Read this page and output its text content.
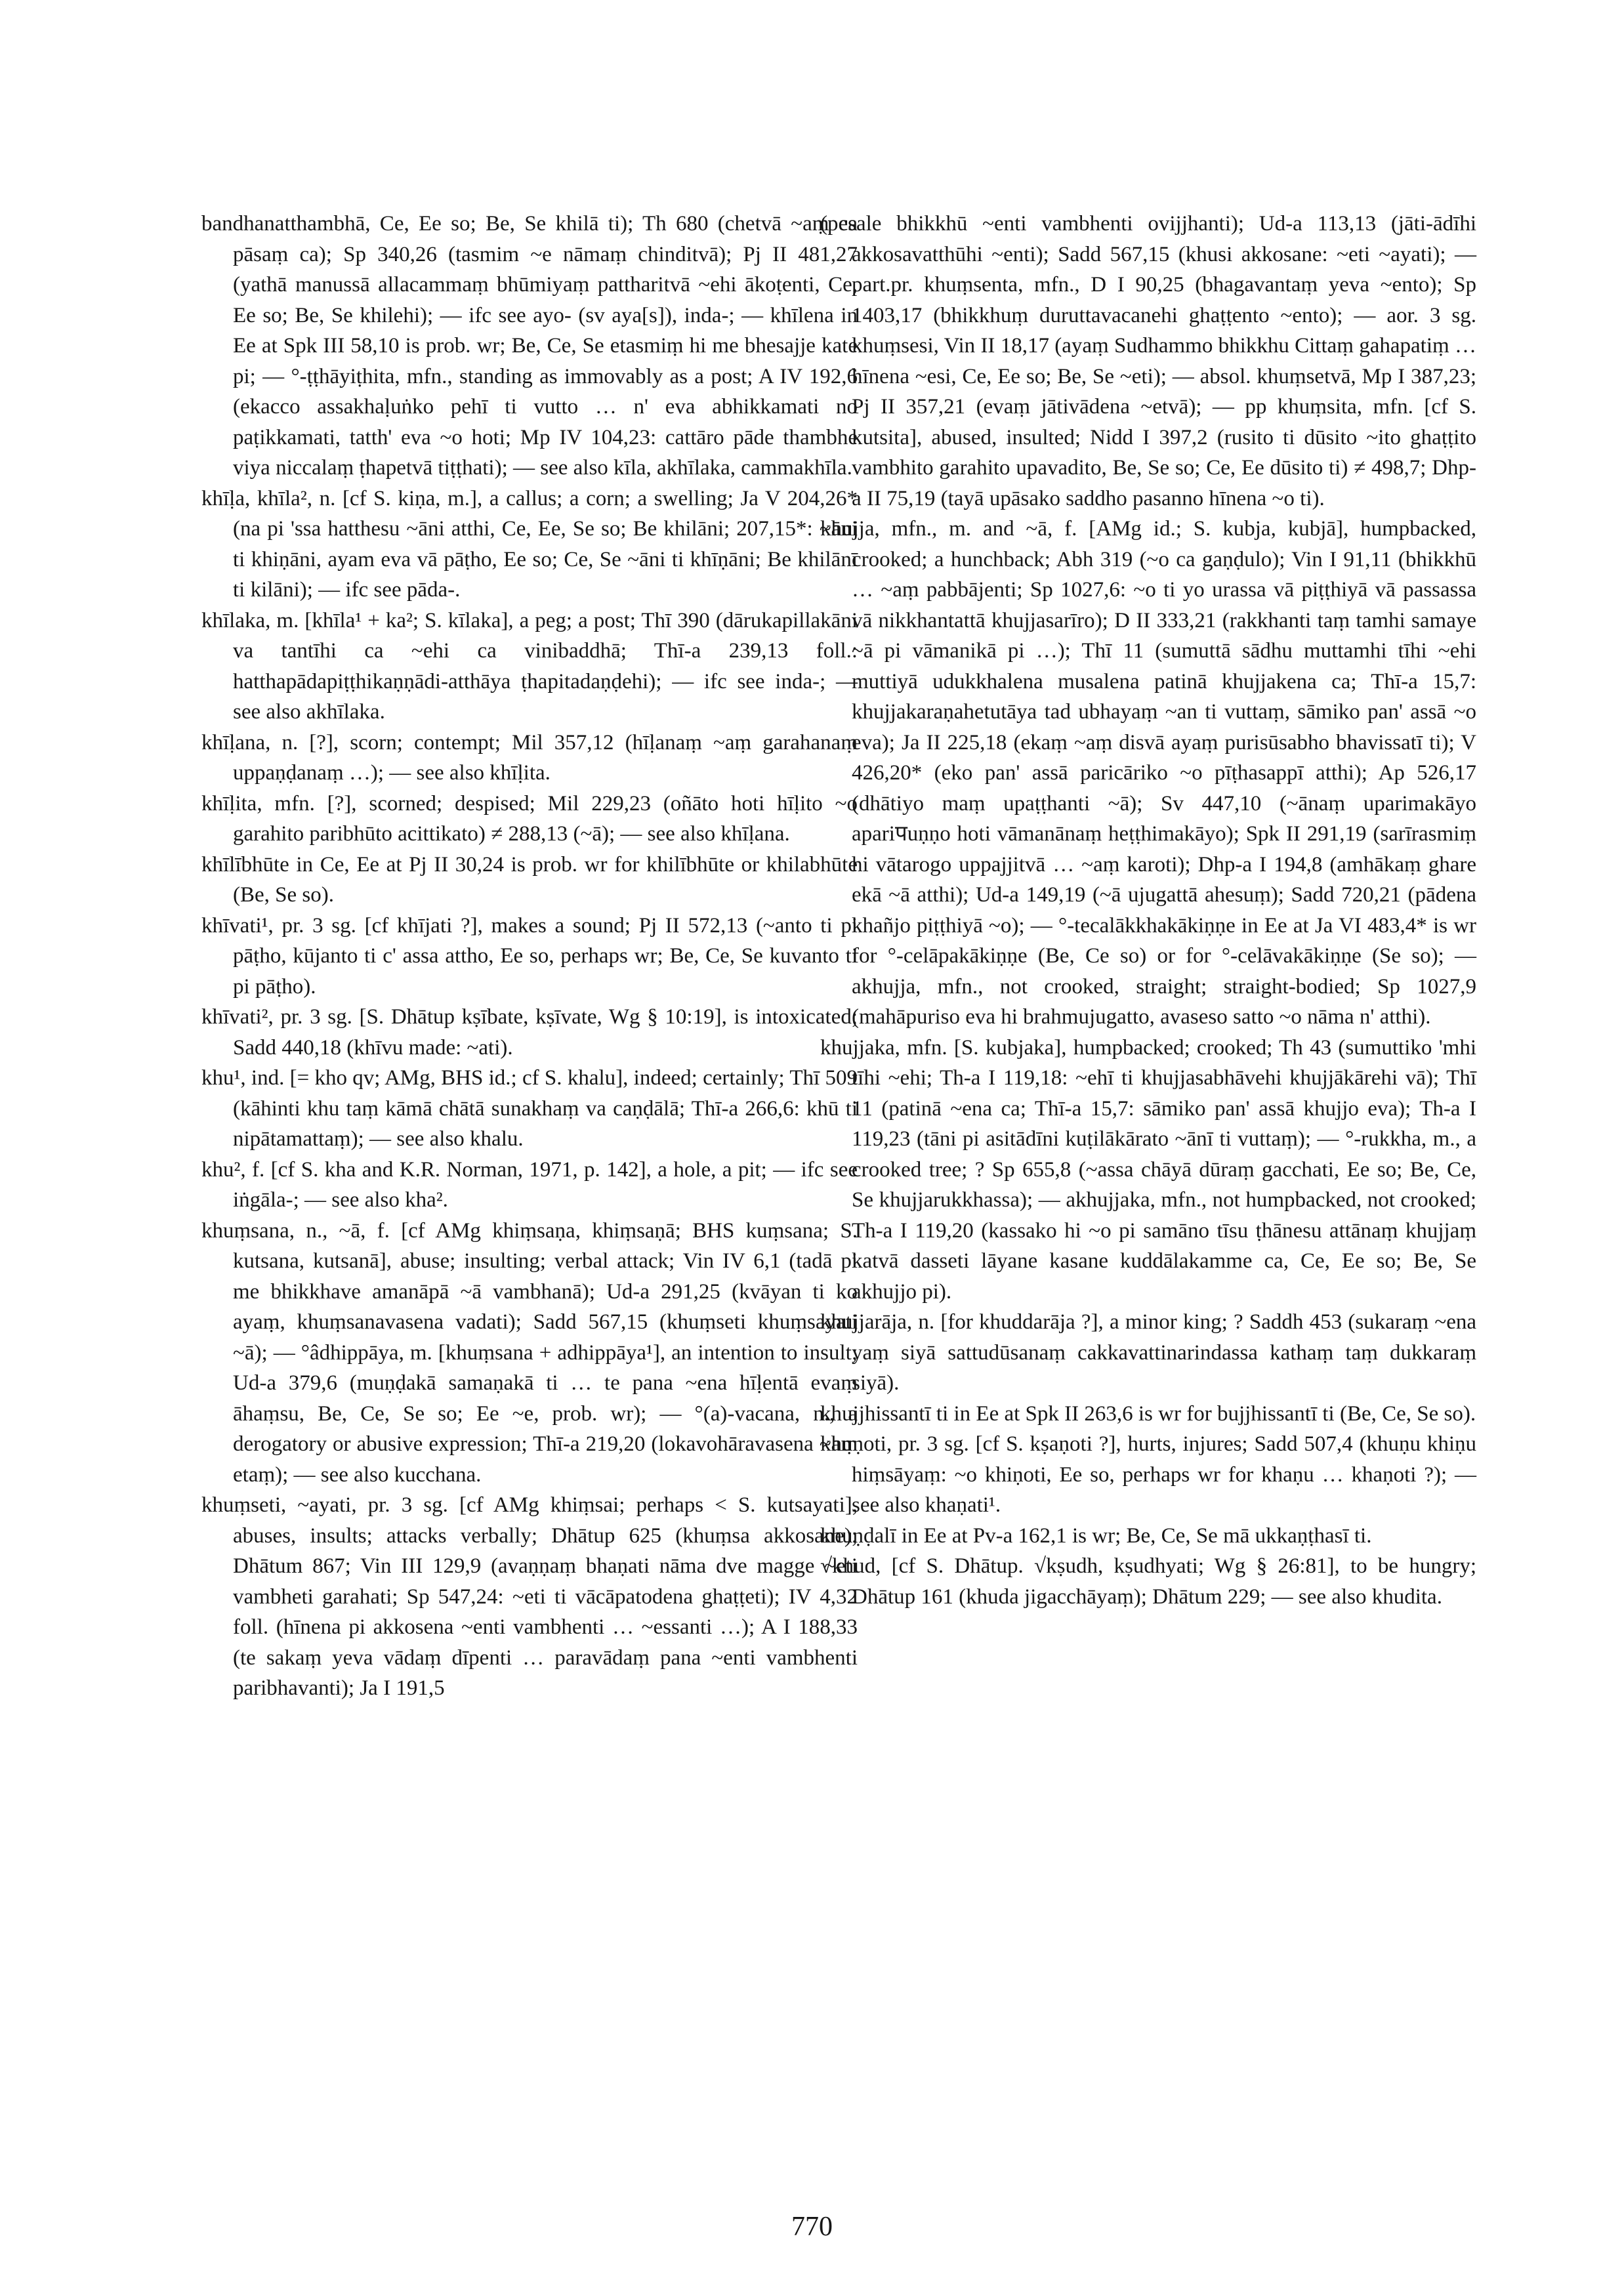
bandhanatthambhā, Ce, Ee so; Be, Se khilā ti); Th 680 (chetvā ~aṃ ca pāsaṃ ca); Sp 340,26 (tasmim ~e nāmaṃ chinditvā); Pj II 481,27 (yathā manussā allacammaṃ bhūmiyaṃ pattharitvā ~ehi ākoṭenti, Ce, Ee so; Be, Se khilehi); — ifc see ayo- (sv aya[s]), inda-; — khīlena in Ee at Spk III 58,10 is prob. wr; Be, Ce, Se etasmiṃ hi me bhesajje kate pi; — °-ṭṭhāyiṭhita, mfn., standing as immovably as a post; A IV 192,6 (ekacco assakhaḷuṅko pehī ti vutto … n' eva abhikkamati no paṭikkamati, tatth' eva ~o hoti; Mp IV 104,23: cattāro pāde thambhe viya niccalaṃ ṭhapetvā tiṭṭhati); — see also kīla, akhīlaka, cammakhīla.

khīḷa, khīla², n. [cf S. kiṇa, m.], a callus; a corn; a swelling; Ja V 204,26* (na pi 'ssa hatthesu ~āni atthi, Ce, Ee, Se so; Be khilāni; 207,15*: ~āni ti khiṇāni, ayam eva vā pāṭho, Ee so; Ce, Se ~āni ti khīṇāni; Be khilānī ti kilāni); — ifc see pāda-.

khīlaka, m. [khīla¹ + ka²; S. kīlaka], a peg; a post; Thī 390 (dārukapillakāni va tantīhi ca ~ehi ca vinibaddhā; Thī-a 239,13 foll.: hatthapādapiṭṭhikaṇṇādi-atthāya ṭhapitadaṇḍehi); — ifc see inda-; — see also akhīlaka.

khīḷana, n. [?], scorn; contempt; Mil 357,12 (hīḷanaṃ ~aṃ garahanaṃ uppaṇḍanaṃ …); — see also khīḷita.

khīḷita, mfn. [?], scorned; despised; Mil 229,23 (oñāto hoti hīḷito ~o garahito paribhūto acittikato) ≠ 288,13 (~ā); — see also khīḷana.

khīlībhūte in Ce, Ee at Pj II 30,24 is prob. wr for khilībhūte or khilabhūte (Be, Se so).

khīvati¹, pr. 3 sg. [cf khījati ?], makes a sound; Pj II 572,13 (~anto ti pi pāṭho, kūjanto ti c' assa attho, Ee so, perhaps wr; Be, Ce, Se kuvanto ti pi pāṭho).

khīvati², pr. 3 sg. [S. Dhātup kṣībate, kṣīvate, Wg § 10:19], is intoxicated; Sadd 440,18 (khīvu made: ~ati).

khu¹, ind. [= kho qv; AMg, BHS id.; cf S. khalu], indeed; certainly; Thī 509 (kāhinti khu taṃ kāmā chātā sunakhaṃ va caṇḍālā; Thī-a 266,6: khū ti nipātamattaṃ); — see also khalu.

khu², f. [cf S. kha and K.R. Norman, 1971, p. 142], a hole, a pit; — ifc see iṅgāla-; — see also kha².

khuṃsana, n., ~ā, f. [cf AMg khiṃsaṇa, khiṃsaṇā; BHS kuṃsana; S. kutsana, kutsanā], abuse; insulting; verbal attack; Vin IV 6,1 (tadā pi me bhikkhave amanāpā ~ā vambhanā); Ud-a 291,25 (kvāyan ti ko ayaṃ, khuṃsanavasena vadati); Sadd 567,15 (khuṃseti khuṃsayati ~ā); — °âdhippāya, m. [khuṃsana + adhippāya¹], an intention to insult; Ud-a 379,6 (muṇḍakā samaṇakā ti … te pana ~ena hīḷentā evaṃ āhaṃsu, Be, Ce, Se so; Ee ~e, prob. wr); — °(a)-vacana, n., a derogatory or abusive expression; Thī-a 219,20 (lokavohāravasena ~aṃ etaṃ); — see also kucchana.

khuṃseti, ~ayati, pr. 3 sg. [cf AMg khiṃsai; perhaps < S. kutsayati], abuses, insults; attacks verbally; Dhātup 625 (khuṃsa akkosane); Dhātum 867; Vin III 129,9 (avaṇṇaṃ bhaṇati nāma dve magge ~eti vambheti garahati; Sp 547,24: ~eti ti vācāpatodena ghaṭṭeti); IV 4,32 foll. (hīnena pi akkosena ~enti vambhenti … ~essanti …); A I 188,33 (te sakaṃ yeva vādaṃ dīpenti … paravādaṃ pana ~enti vambhenti paribhavanti); Ja I 191,5

(pesale bhikkhū ~enti vambhenti ovijjhanti); Ud-a 113,13 (jāti-ādīhi akkosavatthūhi ~enti); Sadd 567,15 (khusi akkosane: ~eti ~ayati); — part.pr. khuṃsenta, mfn., D I 90,25 (bhagavantaṃ yeva ~ento); Sp 1403,17 (bhikkhuṃ duruttavacanehi ghaṭṭento ~ento); — aor. 3 sg. khuṃsesi, Vin II 18,17 (ayaṃ Sudhammo bhikkhu Cittaṃ gahapatiṃ … hīnena ~esi, Ce, Ee so; Be, Se ~eti); — absol. khuṃsetvā, Mp I 387,23; Pj II 357,21 (evaṃ jātivādena ~etvā); — pp khuṃsita, mfn. [cf S. kutsita], abused, insulted; Nidd I 397,2 (rusito ti dūsito ~ito ghaṭṭito vambhito garahito upavadito, Be, Se so; Ce, Ee dūsito ti) ≠ 498,7; Dhp-a II 75,19 (tayā upāsako saddho pasanno hīnena ~o ti).

khujja, mfn., m. and ~ā, f. [AMg id.; S. kubja, kubjā], humpbacked, crooked; a hunchback; Abh 319 (~o ca gaṇḍulo); Vin I 91,11 (bhikkhū … ~aṃ pabbājenti; Sp 1027,6: ~o ti yo urassa vā piṭṭhiyā vā passassa vā nikkhantattā khujjasarīro); D II 333,21 (rakkhanti taṃ tamhi samaye ~ā pi vāmanikā pi …); Thī 11 (sumuttā sādhu muttamhi tīhi ~ehi muttiyā udukkhalena musalena patinā khujjakena ca; Thī-a 15,7: khujjakaraṇahetutāya tad ubhayaṃ ~an ti vuttaṃ, sāmiko pan' assā ~o eva); Ja II 225,18 (ekaṃ ~aṃ disvā ayaṃ purisūsabho bhavissatī ti); V 426,20* (eko pan' assā paricāriko ~o pīṭhasappī atthi); Ap 526,17 (dhātiyo maṃ upaṭṭhanti ~ā); Sv 447,10 (~ānaṃ uparimakāyo apariपuṇṇo hoti vāmanānaṃ heṭṭhimakāyo); Spk II 291,19 (sarīrasmiṃ hi vātarogo uppajjitvā … ~aṃ karoti); Dhp-a I 194,8 (amhākaṃ ghare ekā ~ā atthi); Ud-a 149,19 (~ā ujugattā ahesuṃ); Sadd 720,21 (pādena khañjo piṭṭhiyā ~o); — °-tecalākkhakākiṇṇe in Ee at Ja VI 483,4* is wr for °-celāpakākiṇṇe (Be, Ce so) or for °-celāvakākiṇṇe (Se so); — akhujja, mfn., not crooked, straight; straight-bodied; Sp 1027,9 (mahāpuriso eva hi brahmujugatto, avaseso satto ~o nāma n' atthi).

khujjaka, mfn. [S. kubjaka], humpbacked; crooked; Th 43 (sumuttiko 'mhi tīhi ~ehi; Th-a I 119,18: ~ehī ti khujjasabhāvehi khujjākārehi vā); Thī 11 (patinā ~ena ca; Thī-a 15,7: sāmiko pan' assā khujjo eva); Th-a I 119,23 (tāni pi asitādīni kuṭilākārato ~ānī ti vuttaṃ); — °-rukkha, m., a crooked tree; ? Sp 655,8 (~assa chāyā dūraṃ gacchati, Ee so; Be, Ce, Se khujjarukkhassa); — akhujjaka, mfn., not humpbacked, not crooked; Th-a I 119,20 (kassako hi ~o pi samāno tīsu ṭhānesu attānaṃ khujjaṃ katvā dasseti lāyane kasane kuddālakamme ca, Ce, Ee so; Be, Se akhujjo pi).

khujjarāja, n. [for khuddarāja ?], a minor king; ? Saddh 453 (sukaraṃ ~ena yaṃ siyā sattudūsanaṃ cakkavattinarindassa kathaṃ taṃ dukkaraṃ siyā).

khujjhissantī ti in Ee at Spk II 263,6 is wr for bujjhissantī ti (Be, Ce, Se so).

khuṇoti, pr. 3 sg. [cf S. kṣaṇoti ?], hurts, injures; Sadd 507,4 (khuṇu khiṇu hiṃsāyaṃ: ~o khiṇoti, Ee so, perhaps wr for khaṇu … khaṇoti ?); — see also khaṇati¹.

khuṇḍalī in Ee at Pv-a 162,1 is wr; Be, Ce, Se mā ukkaṇṭhasī ti.

√khud, [cf S. Dhātup. √kṣudh, kṣudhyati; Wg § 26:81], to be hungry; Dhātup 161 (khuda jigacchāyaṃ); Dhātum 229; — see also khudita.

770
